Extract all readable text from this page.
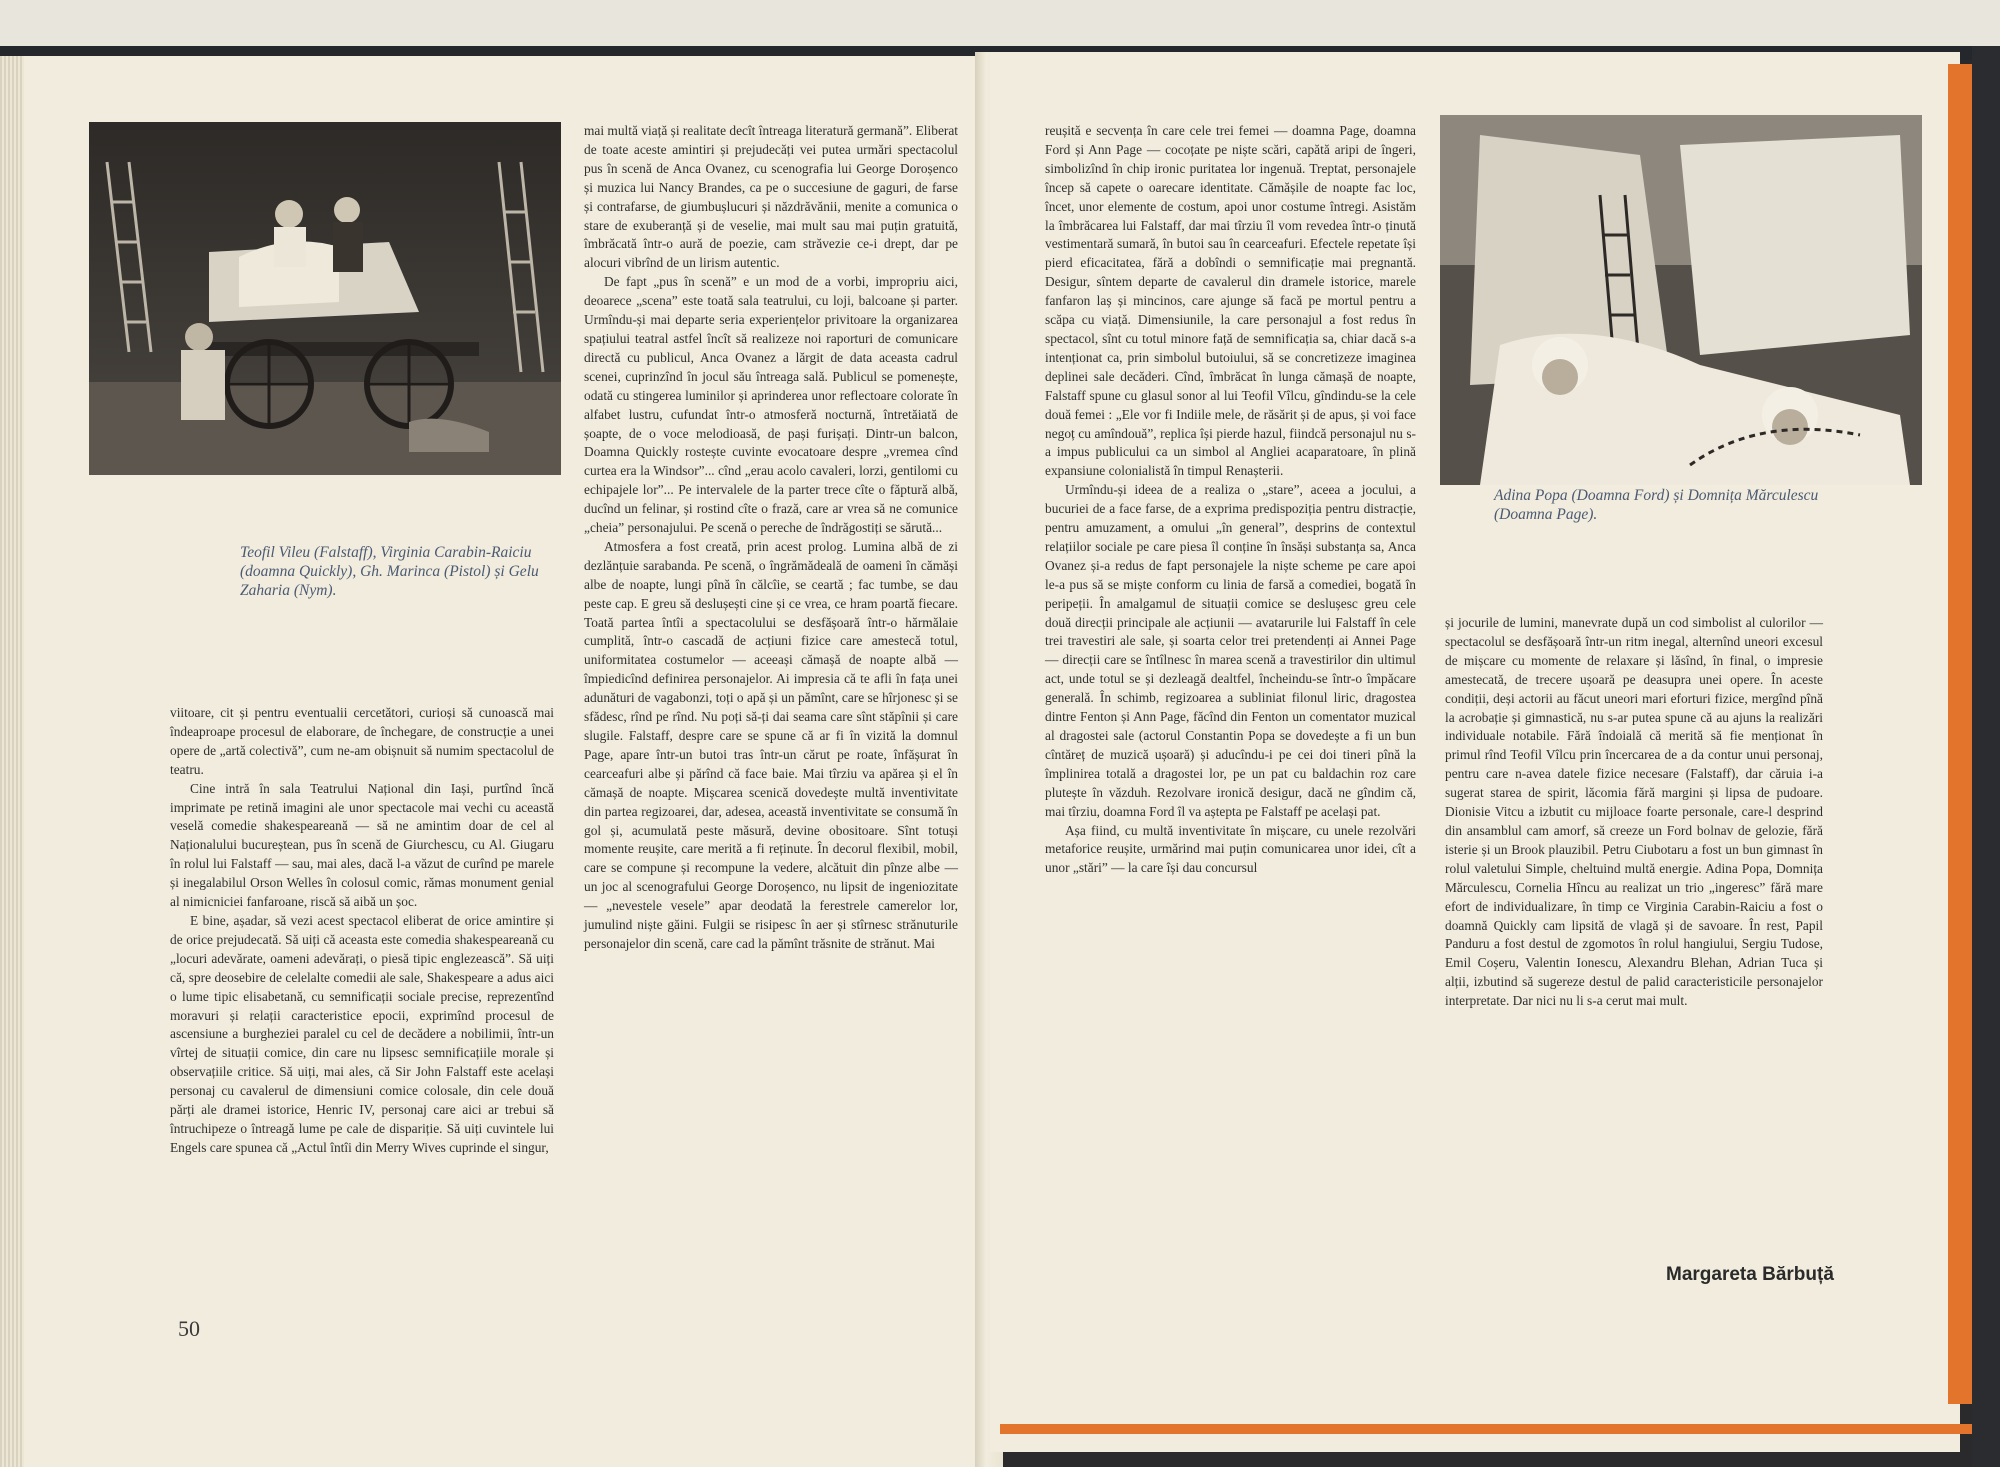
Teofil Vileu (Falstaff), Virginia Carabin-Raiciu (doamna Quickly), Gh. Marinca (Pistol) și Gelu Zaharia (Nym).

viitoare, cit și pentru eventualii cercetători, curioși să cunoască mai îndeaproape procesul de elaborare, de închegare, de construcție a unei opere de „artă colectivă”, cum ne-am obișnuit să numim spectacolul de teatru.

Cine intră în sala Teatrului Național din Iași, purtînd încă imprimate pe retină imagini ale unor spectacole mai vechi cu această veselă comedie shakespeareană — să ne amintim doar de cel al Naționalului bucureștean, pus în scenă de Giurchescu, cu Al. Giugaru în rolul lui Falstaff — sau, mai ales, dacă l-a văzut de curînd pe marele și inegalabilul Orson Welles în colosul comic, rămas monument genial al nimicniciei fanfaroane, riscă să aibă un șoc.

E bine, așadar, să vezi acest spectacol eliberat de orice amintire și de orice prejudecată. Să uiți că aceasta este comedia shakespeareană cu „locuri adevărate, oameni adevărați, o piesă tipic englezească”. Să uiți că, spre deosebire de celelalte comedii ale sale, Shakespeare a adus aici o lume tipic elisabetană, cu semnificații sociale precise, reprezentînd moravuri și relații caracteristice epocii, exprimînd procesul de ascensiune a burgheziei paralel cu cel de decădere a nobilimii, într-un vîrtej de situații comice, din care nu lipsesc semnificațiile morale și observațiile critice. Să uiți, mai ales, că Sir John Falstaff este același personaj cu cavalerul de dimensiuni comice colosale, din cele două părți ale dramei istorice, Henric IV, personaj care aici ar trebui să întruchipeze o întreagă lume pe cale de dispariție. Să uiți cuvintele lui Engels care spunea că „Actul întîi din Merry Wives cuprinde el singur,

mai multă viață și realitate decît întreaga literatură germană”. Eliberat de toate aceste amintiri și prejudecăți vei putea urmări spectacolul pus în scenă de Anca Ovanez, cu scenografia lui George Doroșenco și muzica lui Nancy Brandes, ca pe o succesiune de gaguri, de farse și contrafarse, de giumbușlucuri și năzdrăvănii, menite a comunica o stare de exuberanță și de veselie, mai mult sau mai puțin gratuită, îmbrăcată într-o aură de poezie, cam străvezie ce-i drept, dar pe alocuri vibrînd de un lirism autentic.

De fapt „pus în scenă” e un mod de a vorbi, impropriu aici, deoarece „scena” este toată sala teatrului, cu loji, balcoane și parter. Urmîndu-și mai departe seria experiențelor privitoare la organizarea spațiului teatral astfel încît să realizeze noi raporturi de comunicare directă cu publicul, Anca Ovanez a lărgit de data aceasta cadrul scenei, cuprinzînd în jocul său întreaga sală. Publicul se pomenește, odată cu stingerea luminilor și aprinderea unor reflectoare colorate în alfabet lustru, cufundat într-o atmosferă nocturnă, întretăiată de șoapte, de o voce melodioasă, de pași furișați. Dintr-un balcon, Doamna Quickly rostește cuvinte evocatoare despre „vremea cînd curtea era la Windsor”... cînd „erau acolo cavaleri, lorzi, gentilomi cu echipajele lor”... Pe intervalele de la parter trece cîte o făptură albă, ducînd un felinar, și rostind cîte o frază, care ar vrea să ne comunice „cheia” personajului. Pe scenă o pereche de îndrăgostiți se sărută...

Atmosfera a fost creată, prin acest prolog. Lumina albă de zi dezlănțuie sarabanda. Pe scenă, o îngrămădeală de oameni în cămăși albe de noapte, lungi pînă în călcîie, se ceartă ; fac tumbe, se dau peste cap. E greu să deslușești cine și ce vrea, ce hram poartă fiecare. Toată partea întîi a spectacolului se desfășoară într-o hărmălaie cumplită, într-o cascadă de acțiuni fizice care amestecă totul, uniformitatea costumelor — aceeași cămașă de noapte albă — împiedicînd definirea personajelor. Ai impresia că te afli în fața unei adunături de vagabonzi, toți o apă și un pămînt, care se hîrjonesc și se sfădesc, rînd pe rînd. Nu poți să-ți dai seama care sînt stăpînii și care slugile. Falstaff, despre care se spune că ar fi în vizită la domnul Page, apare într-un butoi tras într-un cărut pe roate, înfășurat în cearceafuri albe și părînd că face baie. Mai tîrziu va apărea și el în cămașă de noapte. Mișcarea scenică dovedește multă inventivitate din partea regizoarei, dar, adesea, această inventivitate se consumă în gol și, acumulată peste măsură, devine obositoare. Sînt totuși momente reușite, care merită a fi reținute. În decorul flexibil, mobil, care se compune și recompune la vedere, alcătuit din pînze albe — un joc al scenografului George Doroșenco, nu lipsit de ingeniozitate — „nevestele vesele” apar deodată la ferestrele camerelor lor, jumulind niște găini. Fulgii se risipesc în aer și stîrnesc strănuturile personajelor din scenă, care cad la pămînt trăsnite de strănut. Mai

50

reușită e secvența în care cele trei femei — doamna Page, doamna Ford și Ann Page — cocoțate pe niște scări, capătă aripi de îngeri, simbolizînd în chip ironic puritatea lor ingenuă. Treptat, personajele încep să capete o oarecare identitate. Cămășile de noapte fac loc, încet, unor elemente de costum, apoi unor costume întregi. Asistăm la îmbrăcarea lui Falstaff, dar mai tîrziu îl vom revedea într-o ținută vestimentară sumară, în butoi sau în cearceafuri. Efectele repetate își pierd eficacitatea, fără a dobîndi o semnificație mai pregnantă. Desigur, sîntem departe de cavalerul din dramele istorice, marele fanfaron laș și mincinos, care ajunge să facă pe mortul pentru a scăpa cu viață. Dimensiunile, la care personajul a fost redus în spectacol, sînt cu totul minore față de semnificația sa, chiar dacă s-a intenționat ca, prin simbolul butoiului, să se concretizeze imaginea deplinei sale decăderi. Cînd, îmbrăcat în lunga cămașă de noapte, Falstaff spune cu glasul sonor al lui Teofil Vîlcu, gîndindu-se la cele două femei : „Ele vor fi Indiile mele, de răsărit și de apus, și voi face negoț cu amîndouă”, replica își pierde hazul, fiindcă personajul nu s-a impus publicului ca un simbol al Angliei acaparatoare, în plină expansiune colonialistă în timpul Renașterii.

Urmîndu-și ideea de a realiza o „stare”, aceea a jocului, a bucuriei de a face farse, de a exprima predispoziția pentru distracție, pentru amuzament, a omului „în general”, desprins de contextul relațiilor sociale pe care piesa îl conține în însăși substanța sa, Anca Ovanez și-a redus de fapt personajele la niște scheme pe care apoi le-a pus să se miște conform cu linia de farsă a comediei, bogată în peripeții. În amalgamul de situații comice se deslușesc greu cele două direcții principale ale acțiunii — avatarurile lui Falstaff în cele trei travestiri ale sale, și soarta celor trei pretendenți ai Annei Page — direcții care se întîlnesc în marea scenă a travestirilor din ultimul act, unde totul se și dezleagă dealtfel, încheindu-se într-o împăcare generală. În schimb, regizoarea a subliniat filonul liric, dragostea dintre Fenton și Ann Page, făcînd din Fenton un comentator muzical al dragostei sale (actorul Constantin Popa se dovedește a fi un bun cîntăreț de muzică ușoară) și aducîndu-i pe cei doi tineri pînă la împlinirea totală a dragostei lor, pe un pat cu baldachin roz care plutește în văzduh. Rezolvare ironică desigur, dacă ne gîndim că, mai tîrziu, doamna Ford îl va aștepta pe Falstaff pe același pat.

Așa fiind, cu multă inventivitate în mișcare, cu unele rezolvări metaforice reușite, urmărind mai puțin comunicarea unor idei, cît a unor „stări” — la care își dau concursul

Adina Popa (Doamna Ford) și Domnița Mărculescu (Doamna Page).

și jocurile de lumini, manevrate după un cod simbolist al culorilor — spectacolul se desfășoară într-un ritm inegal, alternînd uneori excesul de mișcare cu momente de relaxare și lăsînd, în final, o impresie amestecată, de trecere ușoară pe deasupra unei opere. În aceste condiții, deși actorii au făcut uneori mari eforturi fizice, mergînd pînă la acrobație și gimnastică, nu s-ar putea spune că au ajuns la realizări individuale notabile. Fără îndoială că merită să fie menționat în primul rînd Teofil Vîlcu prin încercarea de a da contur unui personaj, pentru care n-avea datele fizice necesare (Falstaff), dar căruia i-a sugerat starea de spirit, lăcomia fără margini și lipsa de pudoare. Dionisie Vitcu a izbutit cu mijloace foarte personale, care-l desprind din ansamblul cam amorf, să creeze un Ford bolnav de gelozie, fără isterie și un Brook plauzibil. Petru Ciubotaru a fost un bun gimnast în rolul valetului Simple, cheltuind multă energie. Adina Popa, Domnița Mărculescu, Cornelia Hîncu au realizat un trio „ingeresc” fără mare efort de individualizare, în timp ce Virginia Carabin-Raiciu a fost o doamnă Quickly cam lipsită de vlagă și de savoare. În rest, Papil Panduru a fost destul de zgomotos în rolul hangiului, Sergiu Tudose, Emil Coșeru, Valentin Ionescu, Alexandru Blehan, Adrian Tuca și alții, izbutind să sugereze destul de palid caracteristicile personajelor interpretate. Dar nici nu li s-a cerut mai mult.

Margareta Bărbuță
